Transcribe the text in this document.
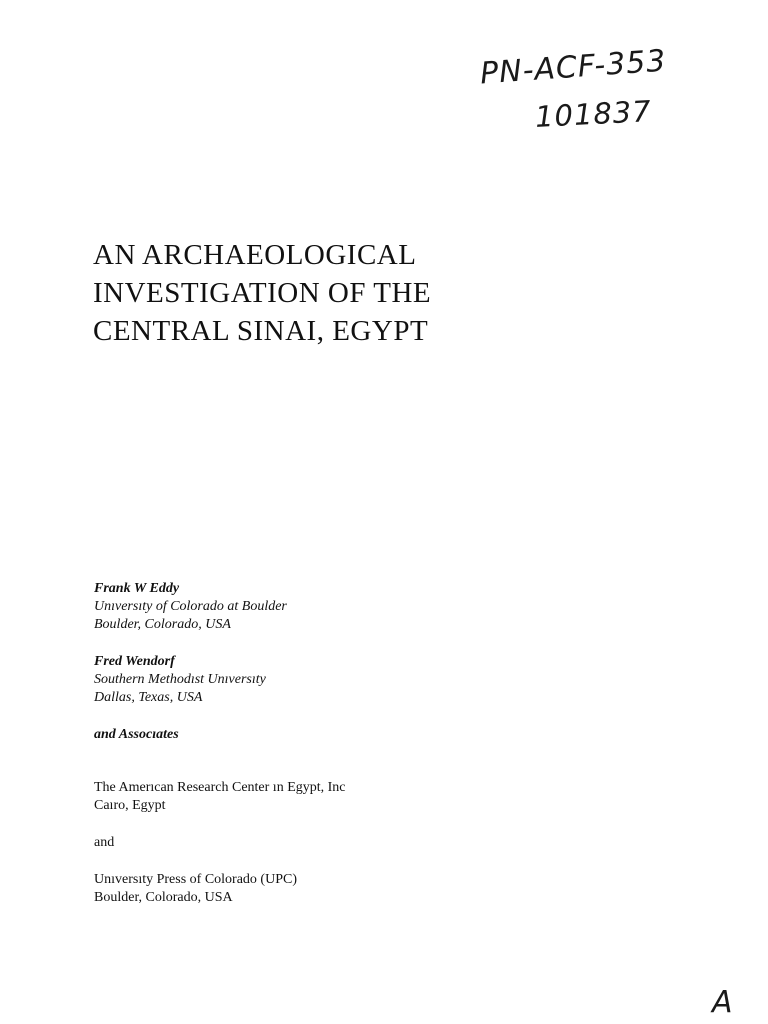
PN-ACF-353
101837
AN ARCHAEOLOGICAL
INVESTIGATION OF THE
CENTRAL SINAI, EGYPT
Frank W Eddy
Unıversıty of Colorado at Boulder
Boulder, Colorado, USA
Fred Wendorf
Southern Methodıst Unıversıty
Dallas, Texas, USA
and Assocıates
The Amerıcan Research Center ın Egypt, Inc
Caıro, Egypt
and
Unıversıty Press of Colorado (UPC)
Boulder, Colorado, USA
A
